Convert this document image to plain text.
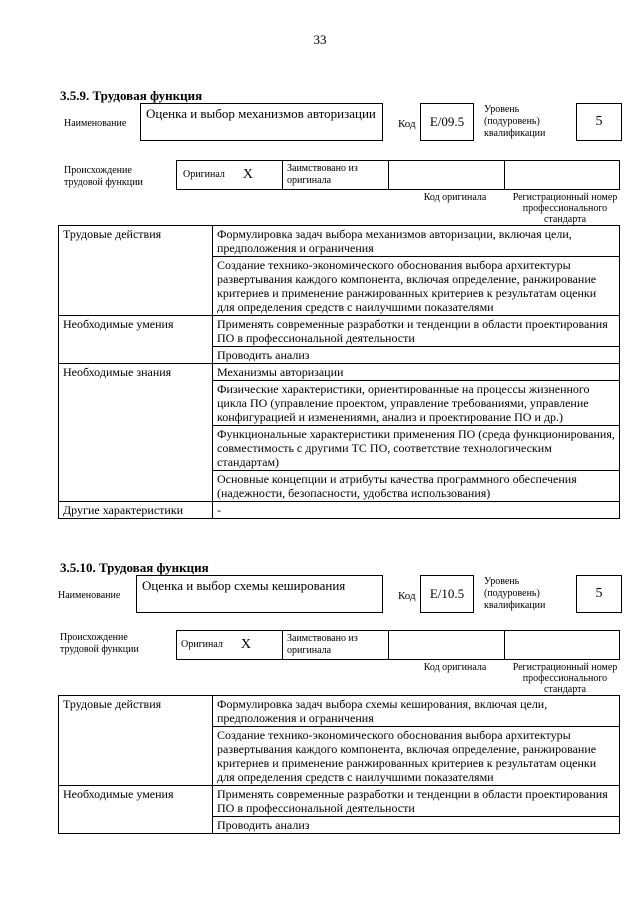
33
3.5.9. Трудовая функция
Наименование
Оценка и выбор механизмов авторизации
Код	E/09.5
Уровень (подуровень) квалификации
5
Происхождение трудовой функции
Оригинал X	Заимствовано из оригинала
Код оригинала	Регистрационный номер профессионального стандарта
Трудовые действия	Формулировка задач выбора механизмов авторизации, включая цели, предположения и ограничения
	Создание технико-экономического обоснования выбора архитектуры развертывания каждого компонента, включая определение, ранжирование критериев и применение ранжированных критериев к результатам оценки для определения средств с наилучшими показателями
Необходимые умения	Применять современные разработки и тенденции в области проектирования ПО в профессиональной деятельности
	Проводить анализ
Необходимые знания	Механизмы авторизации
	Физические характеристики, ориентированные на процессы жизненного цикла ПО (управление проектом, управление требованиями, управление конфигурацией и изменениями, анализ и проектирование ПО и др.)
	Функциональные характеристики применения ПО (среда функционирования, совместимость с другими ТС ПО, соответствие технологическим стандартам)
	Основные концепции и атрибуты качества программного обеспечения (надежности, безопасности, удобства использования)
Другие характеристики	-
3.5.10. Трудовая функция
Наименование
Оценка и выбор схемы кеширования
Код	E/10.5
Уровень (подуровень) квалификации
5
Происхождение трудовой функции	Оригинал X	Заимствовано из оригинала
Код оригинала	Регистрационный номер профессионального стандарта
Трудовые действия	Формулировка задач выбора схемы кеширования, включая цели, предположения и ограничения
	Создание технико-экономического обоснования выбора архитектуры развертывания каждого компонента, включая определение, ранжирование критериев и применение ранжированных критериев к результатам оценки для определения средств с наилучшими показателями
Необходимые умения	Применять современные разработки и тенденции в области проектирования ПО в профессиональной деятельности
	Проводить анализ
